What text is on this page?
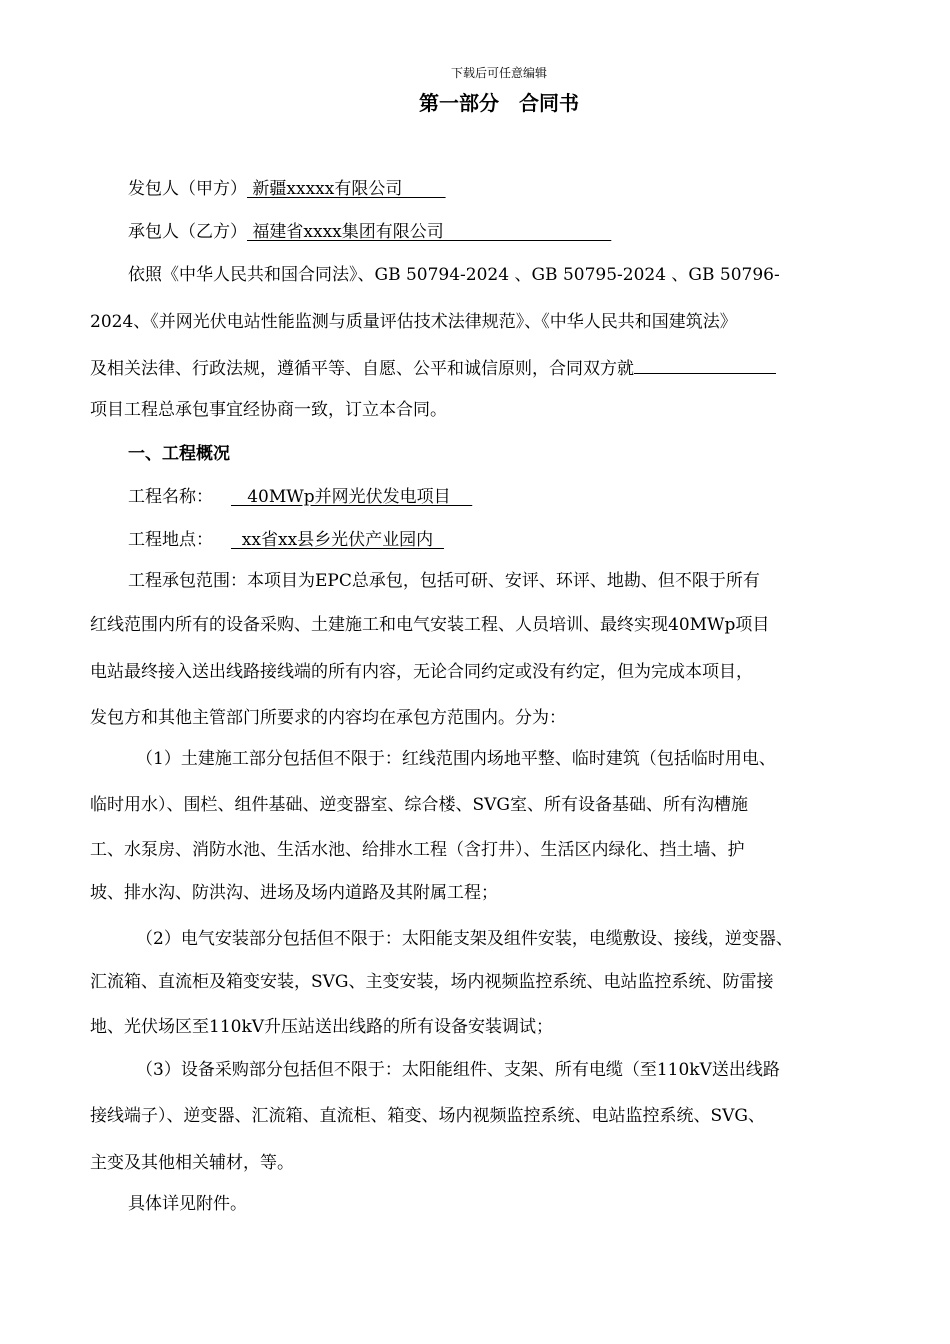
下载后可任意编辑
第一部分　合同书
发包人（甲方） 新疆xxxxx有限公司
承包人（乙方） 福建省xxxx集团有限公司
依照《中华人民共和国合同法》、GB 50794-2024 、GB 50795-2024 、GB 50796-
2024、《并网光伏电站性能监测与质量评估技术法律规范》、《中华人民共和国建筑法》
及相关法律、行政法规，遵循平等、自愿、公平和诚信原则，合同双方就
项目工程总承包事宜经协商一致，订立本合同。
一、工程概况
工程名称：   40MWp并网光伏发电项目
工程地点：  xx省xx县乡光伏产业园内
工程承包范围：本项目为EPC总承包，包括可研、安评、环评、地勘、但不限于所有
红线范围内所有的设备采购、土建施工和电气安装工程、人员培训、最终实现40MWp项目
电站最终接入送出线路接线端的所有内容，无论合同约定或没有约定，但为完成本项目，
发包方和其他主管部门所要求的内容均在承包方范围内。分为：
（1）土建施工部分包括但不限于：红线范围内场地平整、临时建筑（包括临时用电、
临时用水）、围栏、组件基础、逆变器室、综合楼、SVG室、所有设备基础、所有沟槽施
工、水泵房、消防水池、生活水池、给排水工程（含打井）、生活区内绿化、挡土墙、护
坡、排水沟、防洪沟、进场及场内道路及其附属工程；
（2）电气安装部分包括但不限于：太阳能支架及组件安装，电缆敷设、接线，逆变器、
汇流箱、直流柜及箱变安装，SVG、主变安装，场内视频监控系统、电站监控系统、防雷接
地、光伏场区至110kV升压站送出线路的所有设备安装调试；
（3）设备采购部分包括但不限于：太阳能组件、支架、所有电缆（至110kV送出线路
接线端子）、逆变器、汇流箱、直流柜、箱变、场内视频监控系统、电站监控系统、SVG、
主变及其他相关辅材，等。
具体详见附件。
